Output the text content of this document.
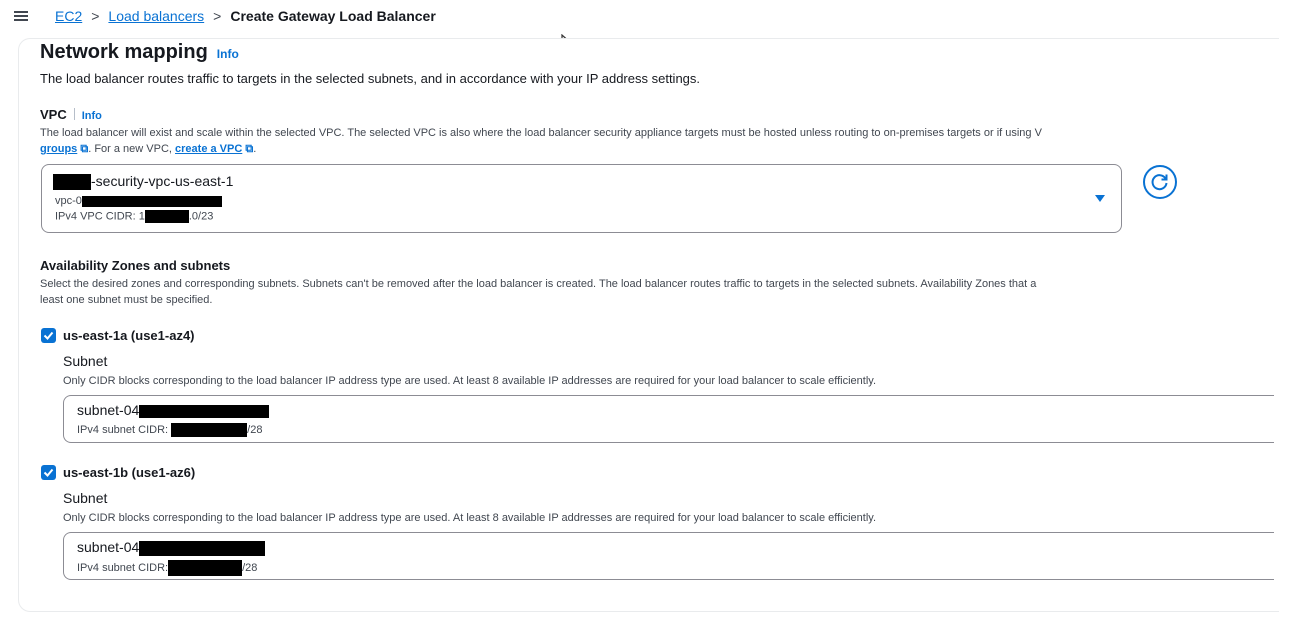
EC2 > Load balancers > Create Gateway Load Balancer
Network mapping Info
The load balancer routes traffic to targets in the selected subnets, and in accordance with your IP address settings.
VPC Info
The load balancer will exist and scale within the selected VPC. The selected VPC is also where the load balancer security appliance targets must be hosted unless routing to on-premises targets or if using V
groups ⧉. For a new VPC, create a VPC ⧉.
-security-vpc-us-east-1
vpc-0
IPv4 VPC CIDR: 1	.0/23
Availability Zones and subnets
Select the desired zones and corresponding subnets. Subnets can't be removed after the load balancer is created. The load balancer routes traffic to targets in the selected subnets. Availability Zones that a
least one subnet must be specified.
us-east-1a (use1-az4)
Subnet
Only CIDR blocks corresponding to the load balancer IP address type are used. At least 8 available IP addresses are required for your load balancer to scale efficiently.
subnet-04
IPv4 subnet CIDR:	/28
us-east-1b (use1-az6)
Subnet
Only CIDR blocks corresponding to the load balancer IP address type are used. At least 8 available IP addresses are required for your load balancer to scale efficiently.
subnet-04
IPv4 subnet CIDR:	/28
